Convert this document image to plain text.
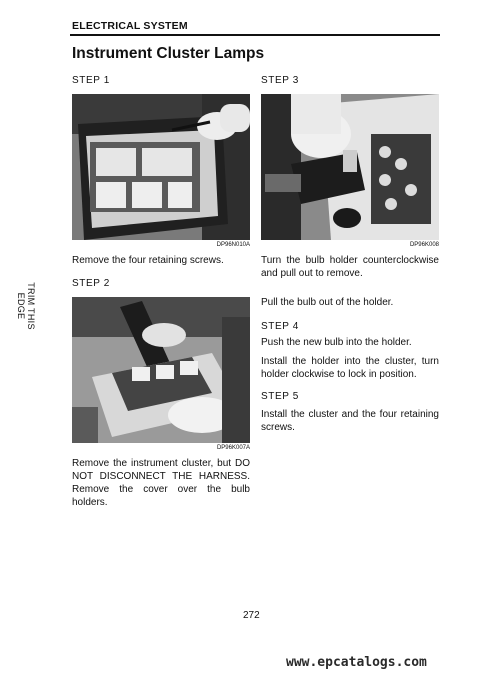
ELECTRICAL SYSTEM
Instrument Cluster Lamps
TRIM THIS EDGE
STEP 1
DP96N010A
Remove the four retaining screws.
STEP 2
DP96K007A
Remove the instrument cluster, but DO NOT DISCONNECT THE HARNESS. Remove the cover over the bulb holders.
STEP 3
DP96K008
Turn the bulb holder counterclockwise and pull out to remove.
Pull the bulb out of the holder.
STEP 4
Push the new bulb into the holder.
Install the holder into the cluster, turn holder clockwise to lock in position.
STEP 5
Install the cluster and the four retaining screws.
272
www.epcatalogs.com
